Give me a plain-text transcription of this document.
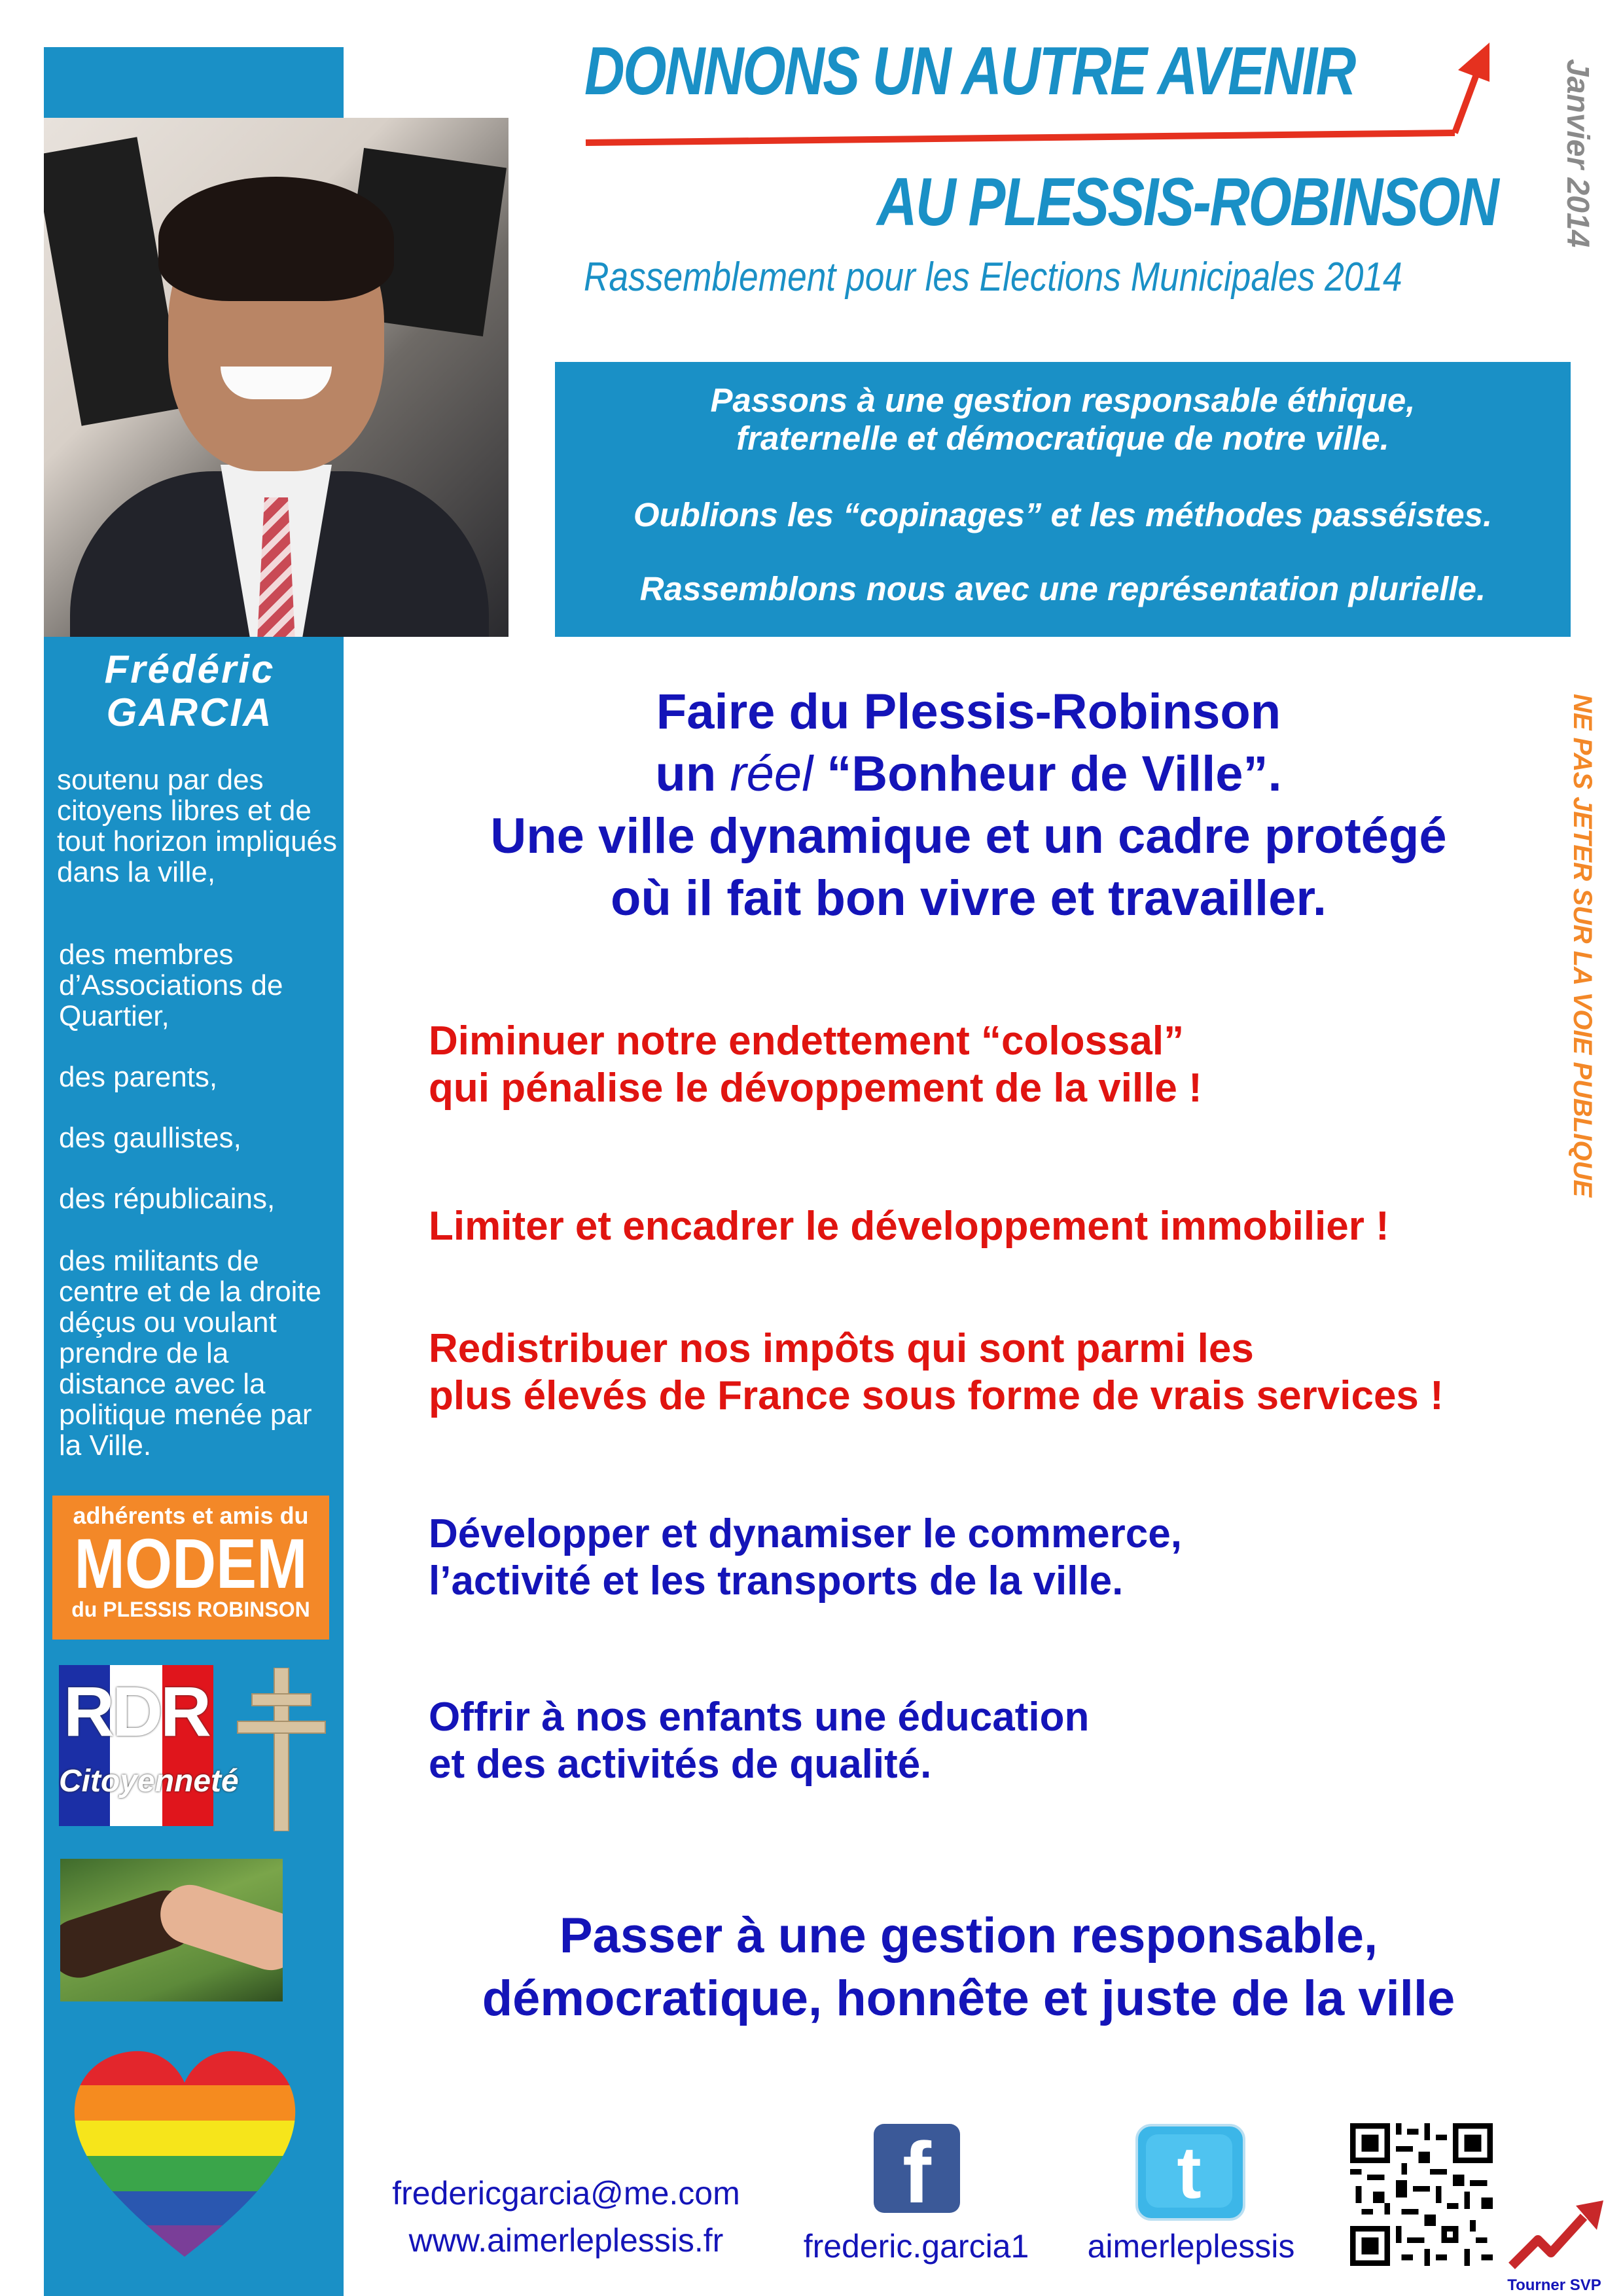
Frédéric
GARCIA
soutenu par des citoyens libres et de tout horizon impliqués dans la ville,
des membres d’Associations de Quartier,
des parents,
des gaullistes,
des républicains,
des militants de centre et de la droite déçus ou voulant prendre de la distance avec la politique menée par la Ville.
adhérents et amis du
MODEM
du PLESSIS ROBINSON
RDR
Citoyenneté
DONNONS UN AUTRE AVENIR
AU PLESSIS-ROBINSON
Rassemblement pour les Elections Municipales 2014
Janvier 2014

Passons à une gestion responsable éthique,

fraternelle et démocratique de notre ville.

Oublions les “copinages” et les méthodes passéistes.

Rassemblons nous avec une représentation plurielle.

NE PAS JETER SUR LA VOIE PUBLIQUE

Faire du Plessis-Robinson

un réel “Bonheur de Ville”.

Une ville dynamique et un cadre protégé

où il fait bon vivre et travailler.

Diminuer notre endettement “colossal”

qui pénalise le dévoppement de la ville !

Limiter et encadrer le développement immobilier !

Redistribuer nos impôts qui sont parmi les

plus élevés de France sous forme de vrais services !

Développer et dynamiser le commerce,

l’activité et les transports de la ville.

Offrir à nos enfants une éducation

et des activités de qualité.

Passer à une gestion responsable,

démocratique, honnête et juste de la ville

fredericgarcia@me.com
www.aimerleplessis.fr
f
frederic.garcia1
t
aimerleplessis
Tourner SVP
